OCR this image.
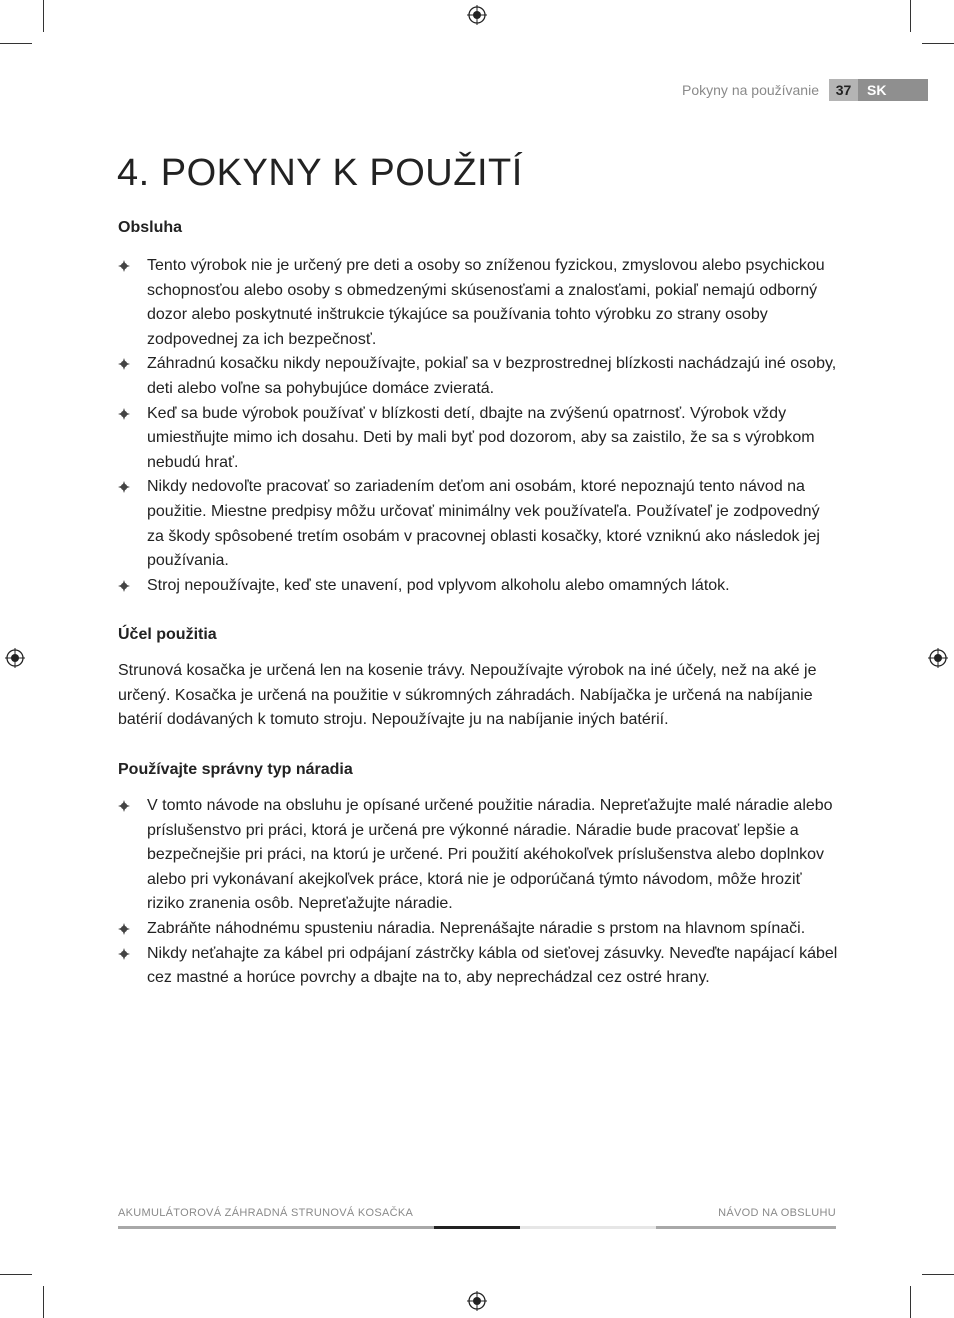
Pokyny na používanie	37	SK
4. POKYNY K POUŽITÍ
Obsluha
Tento výrobok nie je určený pre deti a osoby so zníženou fyzickou, zmyslovou alebo psychickou schopnosťou alebo osoby s obmedzenými skúsenosťami a znalosťami, pokiaľ nemajú odborný dozor alebo poskytnuté inštrukcie týkajúce sa používania tohto výrobku zo strany osoby zodpovednej za ich bezpečnosť.
Záhradnú kosačku nikdy nepoužívajte, pokiaľ sa v bezprostrednej blízkosti nachádzajú iné osoby, deti alebo voľne sa pohybujúce domáce zvieratá.
Keď sa bude výrobok používať v blízkosti detí, dbajte na zvýšenú opatrnosť. Výrobok vždy umiestňujte mimo ich dosahu. Deti by mali byť pod dozorom, aby sa zaistilo, že sa s výrobkom nebudú hrať.
Nikdy nedovoľte pracovať so zariadením deťom ani osobám, ktoré nepoznajú tento návod na použitie. Miestne predpisy môžu určovať minimálny vek používateľa. Používateľ je zodpovedný za škody spôsobené tretím osobám v pracovnej oblasti kosačky, ktoré vzniknú ako následok jej používania.
Stroj nepoužívajte, keď ste unavení, pod vplyvom alkoholu alebo omamných látok.
Účel použitia

Strunová kosačka je určená len na kosenie trávy. Nepoužívajte výrobok na iné účely, než na aké je určený. Kosačka je určená na použitie v súkromných záhradách. Nabíjačka je určená na nabíjanie batérií dodávaných k tomuto stroju. Nepoužívajte ju na nabíjanie iných batérií.

Používajte správny typ náradia
V tomto návode na obsluhu je opísané určené použitie náradia. Nepreťažujte malé náradie alebo príslušenstvo pri práci, ktorá je určená pre výkonné náradie. Náradie bude pracovať lepšie a bezpečnejšie pri práci, na ktorú je určené. Pri použití akéhokoľvek príslušenstva alebo doplnkov alebo pri vykonávaní akejkoľvek práce, ktorá nie je odporúčaná týmto návodom, môže hroziť riziko zranenia osôb. Nepreťažujte náradie.
Zabráňte náhodnému spusteniu náradia. Neprenášajte náradie s prstom na hlavnom spínači.
Nikdy neťahajte za kábel pri odpájaní zástrčky kábla od sieťovej zásuvky. Neveďte napájací kábel cez mastné a horúce povrchy a dbajte na to, aby neprechádzal cez ostré hrany.
AKUMULÁTOROVÁ ZÁHRADNÁ STRUNOVÁ KOSAČKA	NÁVOD NA OBSLUHU
